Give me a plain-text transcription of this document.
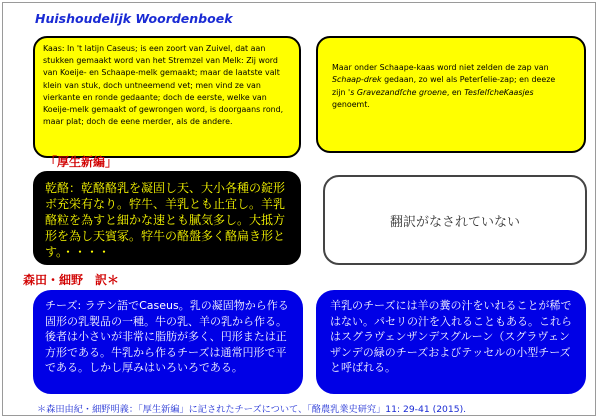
Huishoudelijk Woordenboek

Kaas: In 't latijn Caseus; is een zoort van Zuivel, dat aan stukken gemaakt word van het Stremzel van Melk: Zij word van Koeije- en Schaape-melk gemaakt; maar de laatste valt klein van stuk, doch untneemend vet; men vind ze van vierkante en ronde gedaante; doch de eerste, welke van Koeije-melk gemaakt of gewrongen word, is doorgaans rond, maar plat; doch de eene merder, als de andere.

Maar onder Schaape-kaas word niet zelden de zap van Schaap-drek gedaan, zo wel als Peterſelie-zap; en deeze zijn 's Gravezandſche groene, en TesſelſcheKaasjes genoemt.

「厚生新編」

乾酪：乾酪酪乳を凝固し天、大小各種の錠形ボ充栄有なり。牸牛、羊乳とも⽌宜し。羊乳酪粒を為すと細かな速とも膩気多し。大抵方形を為し天賓冢。牸牛の酪盤多く酪扁き形とす。・・・・

翻訳がなされていない
森田・細野　訳＊

チーズ: ラテン語でCaseus。乳の凝固物から作る固形の乳製品の一種。牛の乳、羊の乳から作る。後者は小さいが非常に脂肪が多く、円形または正方形である。牛乳から作るチーズは通常円形で平である。しかし厚みはいろいろである。

羊乳のチーズには羊の糞の汁をいれることが稀ではない。パセリの汁を入れることもある。これらはスグラヴェンザンデスグルーン（スグラヴェンザンデの緑のチーズおよびテッセルの小型チーズと呼ばれる。

＊森田由紀・細野明義：「厚生新編」に記されたチーズについて、「酪農乳業史研究」11: 29-41 (2015).
